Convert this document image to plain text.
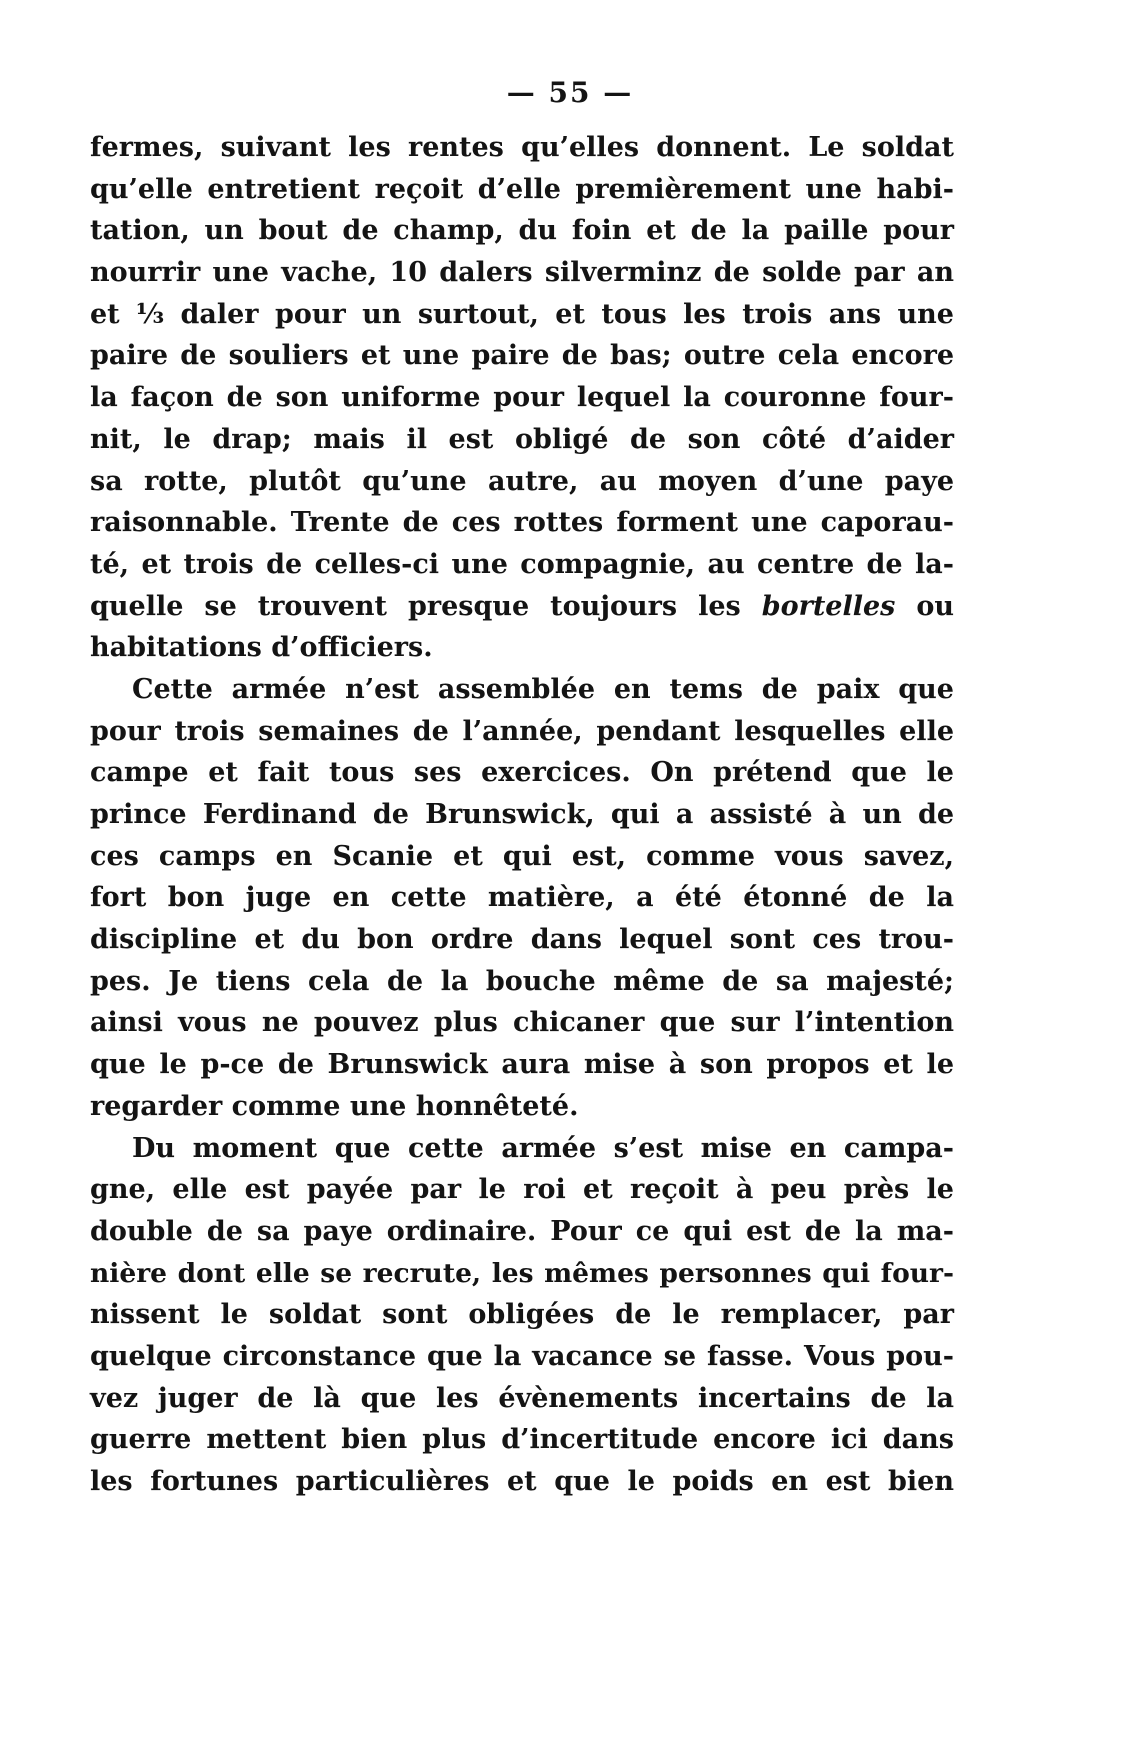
— 55 —
fermes, suivant les rentes qu’elles donnent. Le soldat
qu’elle entretient reçoit d’elle premièrement une habi-
tation, un bout de champ, du foin et de la paille pour
nourrir une vache, 10 dalers silverminz de solde par an
et ⅓ daler pour un surtout, et tous les trois ans une
paire de souliers et une paire de bas; outre cela encore
la façon de son uniforme pour lequel la couronne four-
nit, le drap; mais il est obligé de son côté d’aider
sa rotte, plutôt qu’une autre, au moyen d’une paye
raisonnable. Trente de ces rottes forment une caporau-
té, et trois de celles-ci une compagnie, au centre de la-
quelle se trouvent presque toujours les bortelles ou
habitations d’officiers.
Cette armée n’est assemblée en tems de paix que
pour trois semaines de l’année, pendant lesquelles elle
campe et fait tous ses exercices. On prétend que le
prince Ferdinand de Brunswick, qui a assisté à un de
ces camps en Scanie et qui est, comme vous savez,
fort bon juge en cette matière, a été étonné de la
discipline et du bon ordre dans lequel sont ces trou-
pes. Je tiens cela de la bouche même de sa majesté;
ainsi vous ne pouvez plus chicaner que sur l’intention
que le p-ce de Brunswick aura mise à son propos et le
regarder comme une honnêteté.
Du moment que cette armée s’est mise en campa-
gne, elle est payée par le roi et reçoit à peu près le
double de sa paye ordinaire. Pour ce qui est de la ma-
nière dont elle se recrute, les mêmes personnes qui four-
nissent le soldat sont obligées de le remplacer, par
quelque circonstance que la vacance se fasse. Vous pou-
vez juger de là que les évènements incertains de la
guerre mettent bien plus d’incertitude encore ici dans
les fortunes particulières et que le poids en est bien
